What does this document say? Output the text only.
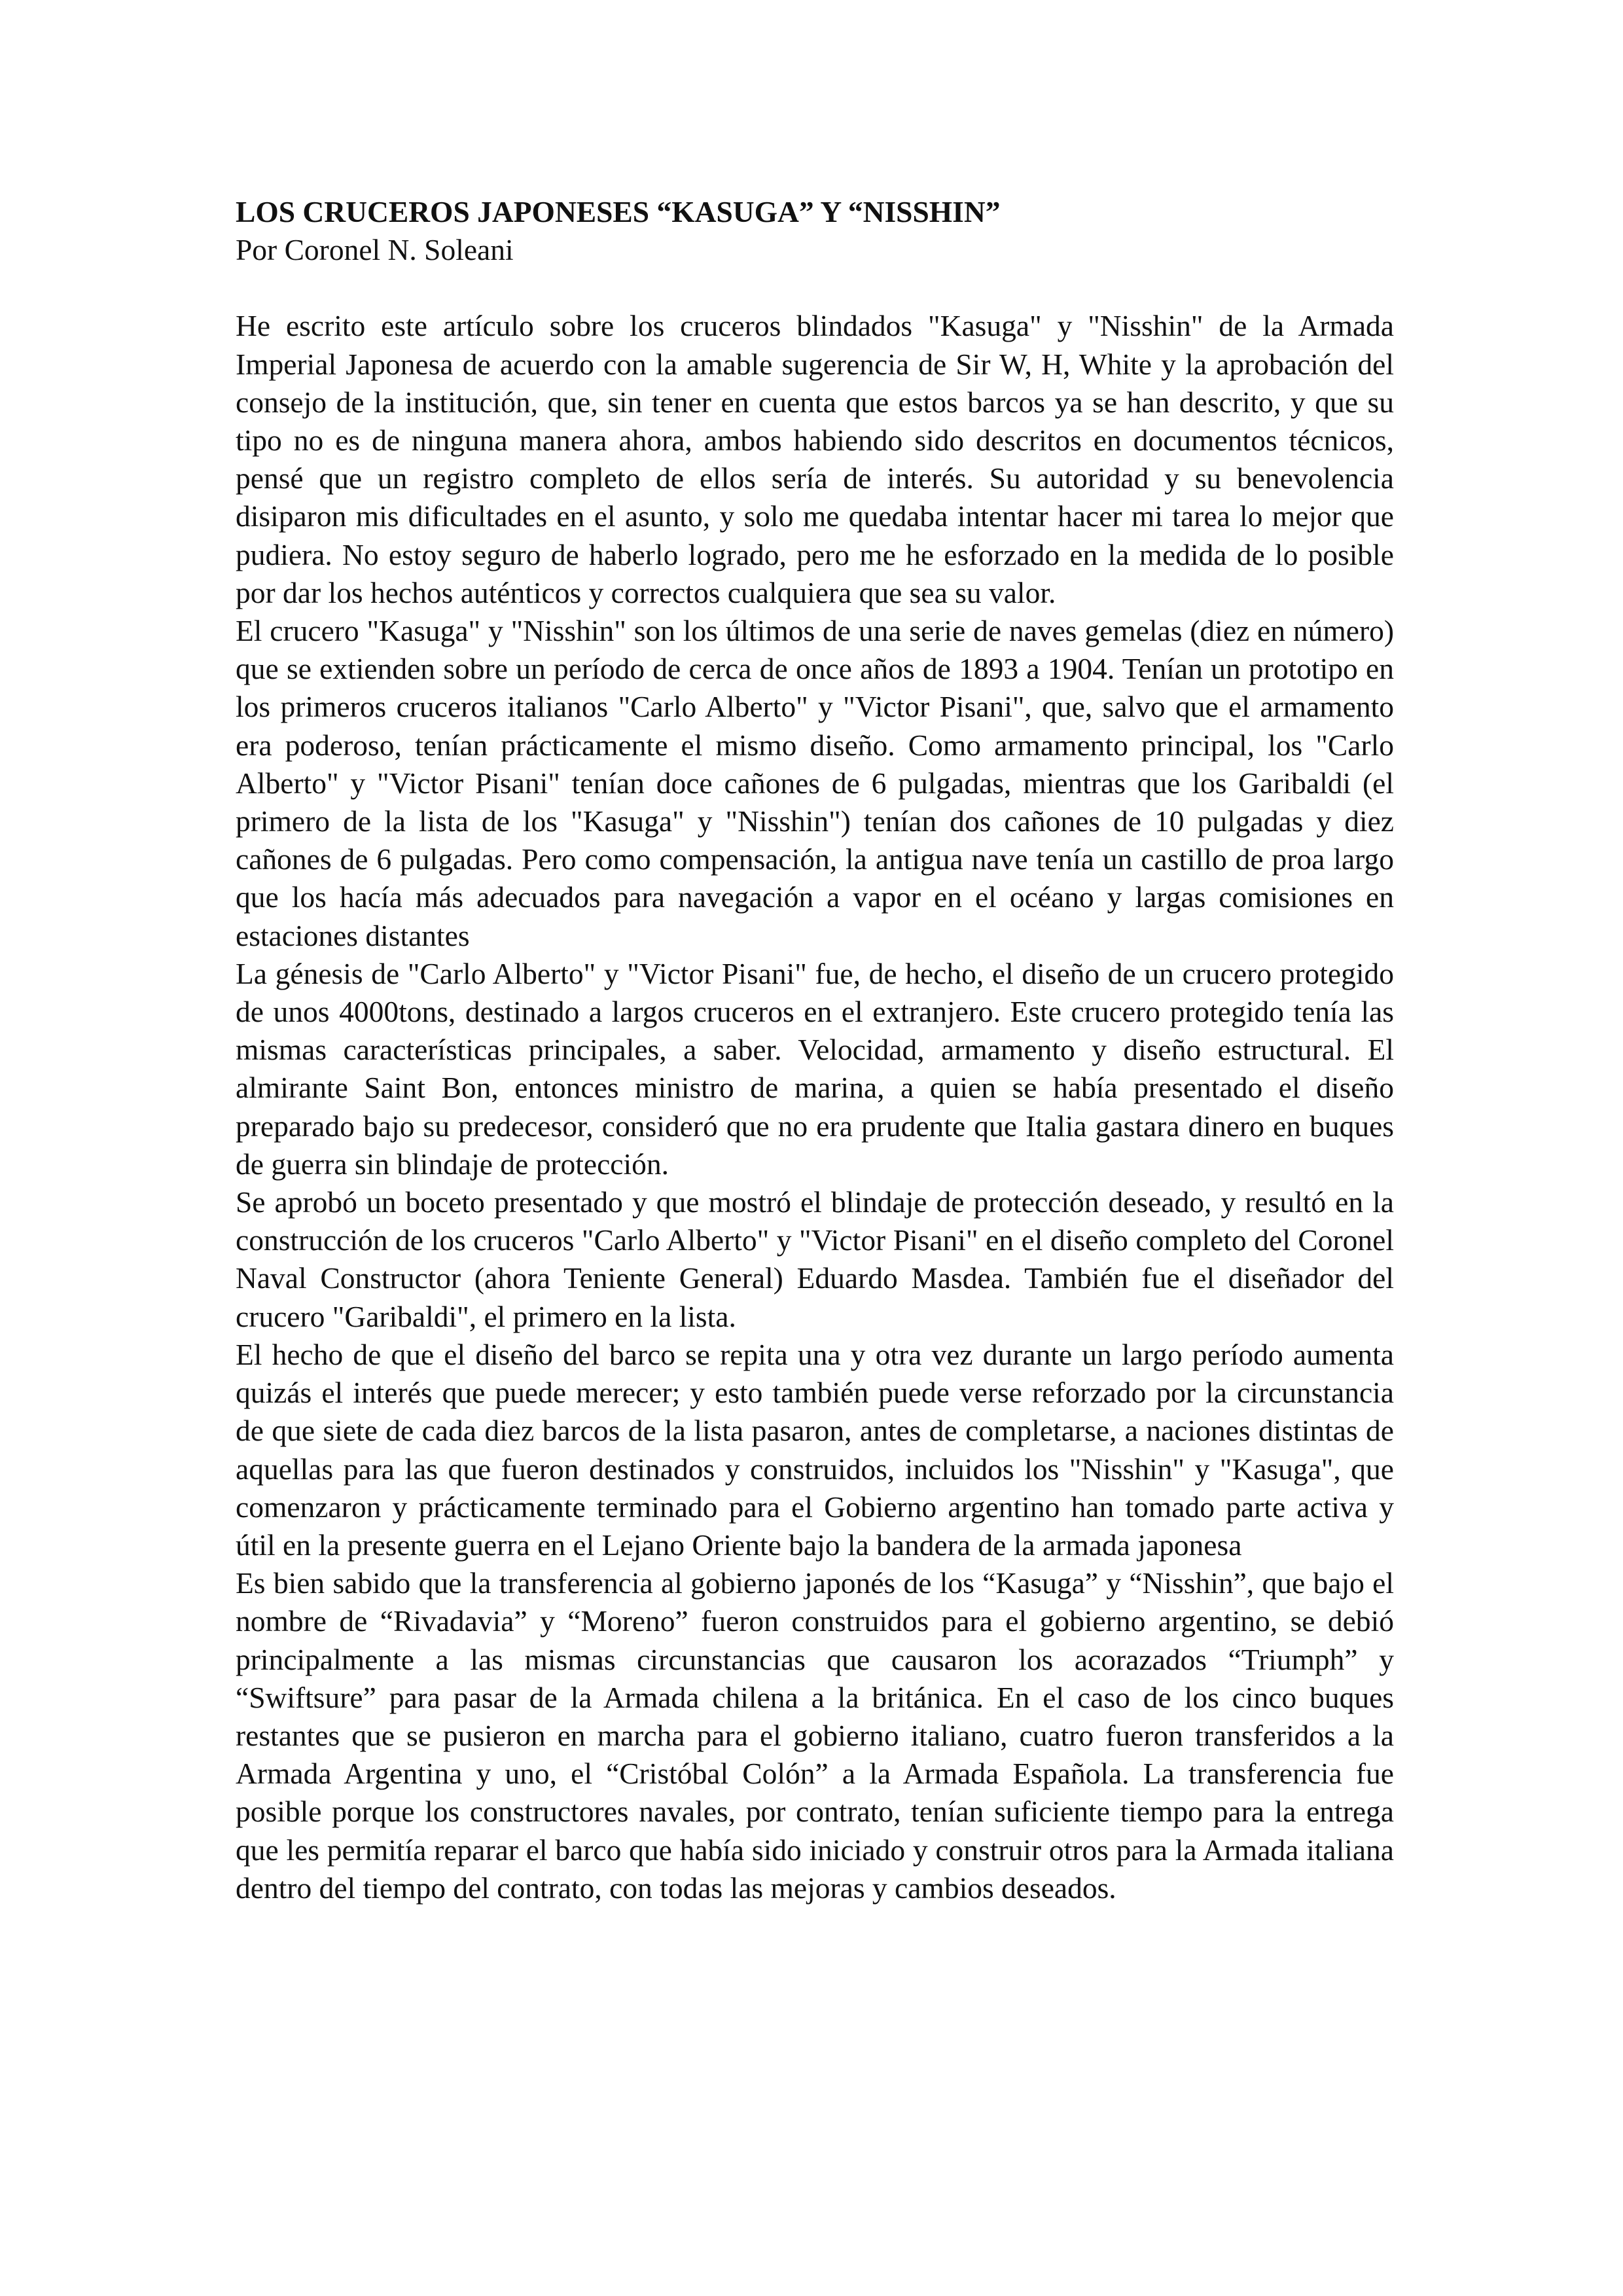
LOS CRUCEROS JAPONESES “KASUGA” Y “NISSHIN”

Por Coronel N. Soleani

He escrito este artículo sobre los cruceros blindados "Kasuga" y "Nisshin" de la Armada Imperial Japonesa de acuerdo con la amable sugerencia de Sir W, H, White y la aprobación del consejo de la institución, que, sin tener en cuenta que estos barcos ya se han descrito, y que su tipo no es de ninguna manera ahora, ambos habiendo sido descritos en documentos técnicos, pensé que un registro completo de ellos sería de interés. Su autoridad y su benevolencia disiparon mis dificultades en el asunto, y solo me quedaba intentar hacer mi tarea lo mejor que pudiera. No estoy seguro de haberlo logrado, pero me he esforzado en la medida de lo posible por dar los hechos auténticos y correctos cualquiera que sea su valor.

El crucero "Kasuga" y "Nisshin" son los últimos de una serie de naves gemelas (diez en número) que se extienden sobre un período de cerca de once años de 1893 a 1904. Tenían un prototipo en los primeros cruceros italianos "Carlo Alberto" y "Victor Pisani", que, salvo que el armamento era poderoso, tenían prácticamente el mismo diseño. Como armamento principal, los "Carlo Alberto" y "Victor Pisani" tenían doce cañones de 6 pulgadas, mientras que los Garibaldi (el primero de la lista de los "Kasuga" y "Nisshin") tenían dos cañones de 10 pulgadas y diez cañones de 6 pulgadas. Pero como compensación, la antigua nave tenía un castillo de proa largo que los hacía más adecuados para navegación a vapor en el océano y largas comisiones en estaciones distantes

La génesis de "Carlo Alberto" y "Victor Pisani" fue, de hecho, el diseño de un crucero protegido de unos 4000tons, destinado a largos cruceros en el extranjero. Este crucero protegido tenía las mismas características principales, a saber. Velocidad, armamento y diseño estructural. El almirante Saint Bon, entonces ministro de marina, a quien se había presentado el diseño preparado bajo su predecesor, consideró que no era prudente que Italia gastara dinero en buques de guerra sin blindaje de protección.

Se aprobó un boceto presentado y que mostró el blindaje de protección deseado, y resultó en la construcción de los cruceros "Carlo Alberto" y "Victor Pisani" en el diseño completo del Coronel Naval Constructor (ahora Teniente General) Eduardo Masdea. También fue el diseñador del crucero "Garibaldi", el primero en la lista.

El hecho de que el diseño del barco se repita una y otra vez durante un largo período aumenta quizás el interés que puede merecer; y esto también puede verse reforzado por la circunstancia de que siete de cada diez barcos de la lista pasaron, antes de completarse, a naciones distintas de aquellas para las que fueron destinados y construidos, incluidos los "Nisshin" y "Kasuga", que comenzaron y prácticamente terminado para el Gobierno argentino han tomado parte activa y útil en la presente guerra en el Lejano Oriente bajo la bandera de la armada japonesa

Es bien sabido que la transferencia al gobierno japonés de los “Kasuga” y “Nisshin”, que bajo el nombre de “Rivadavia” y “Moreno” fueron construidos para el gobierno argentino, se debió principalmente a las mismas circunstancias que causaron los acorazados “Triumph” y “Swiftsure” para pasar de la Armada chilena a la británica. En el caso de los cinco buques restantes que se pusieron en marcha para el gobierno italiano, cuatro fueron transferidos a la Armada Argentina y uno, el “Cristóbal Colón” a la Armada Española. La transferencia fue posible porque los constructores navales, por contrato, tenían suficiente tiempo para la entrega que les permitía reparar el barco que había sido iniciado y construir otros para la Armada italiana dentro del tiempo del contrato, con todas las mejoras y cambios deseados.
